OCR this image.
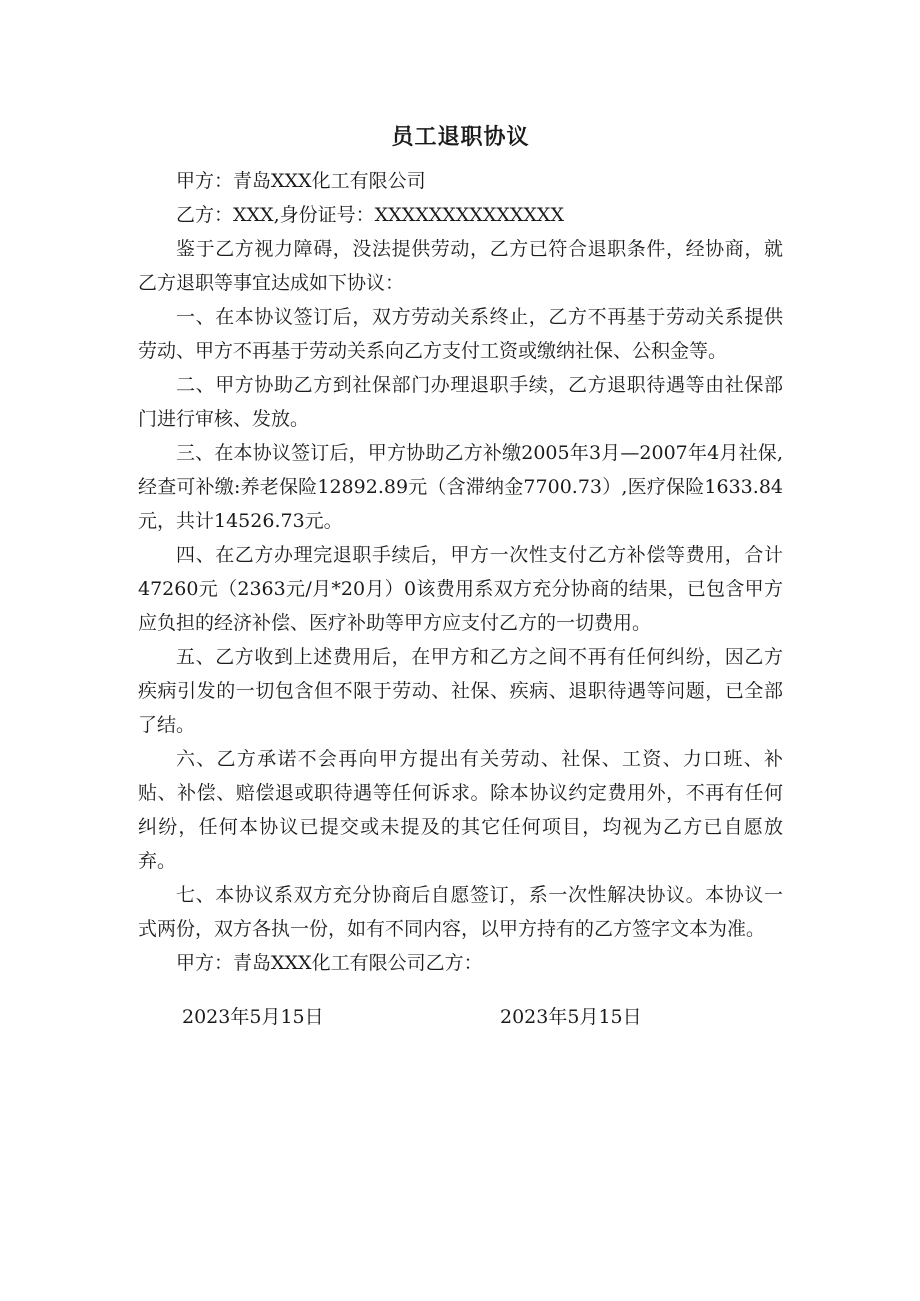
员工退职协议

甲方：青岛XXX化工有限公司

乙方：XXX,身份证号：XXXXXXXXXXXXXX

鉴于乙方视力障碍，没法提供劳动，乙方已符合退职条件，经协商，就乙方退职等事宜达成如下协议：

一、在本协议签订后，双方劳动关系终止，乙方不再基于劳动关系提供劳动、甲方不再基于劳动关系向乙方支付工资或缴纳社保、公积金等。

二、甲方协助乙方到社保部门办理退职手续，乙方退职待遇等由社保部门进行审核、发放。

三、在本协议签订后，甲方协助乙方补缴2005年3月—2007年4月社保,经查可补缴:养老保险12892.89元（含滞纳金7700.73）,医疗保险1633.84元，共计14526.73元。

四、在乙方办理完退职手续后，甲方一次性支付乙方补偿等费用，合计47260元（2363元/月*20月）0该费用系双方充分协商的结果，已包含甲方应负担的经济补偿、医疗补助等甲方应支付乙方的一切费用。

五、乙方收到上述费用后，在甲方和乙方之间不再有任何纠纷，因乙方疾病引发的一切包含但不限于劳动、社保、疾病、退职待遇等问题，已全部了结。

六、乙方承诺不会再向甲方提出有关劳动、社保、工资、力口班、补贴、补偿、赔偿退或职待遇等任何诉求。除本协议约定费用外，不再有任何纠纷，任何本协议已提交或未提及的其它任何项目，均视为乙方已自愿放弃。

七、本协议系双方充分协商后自愿签订，系一次性解决协议。本协议一式两份，双方各执一份，如有不同内容，以甲方持有的乙方签字文本为准。

甲方：青岛XXX化工有限公司乙方：

2023年5月15日	2023年5月15日
